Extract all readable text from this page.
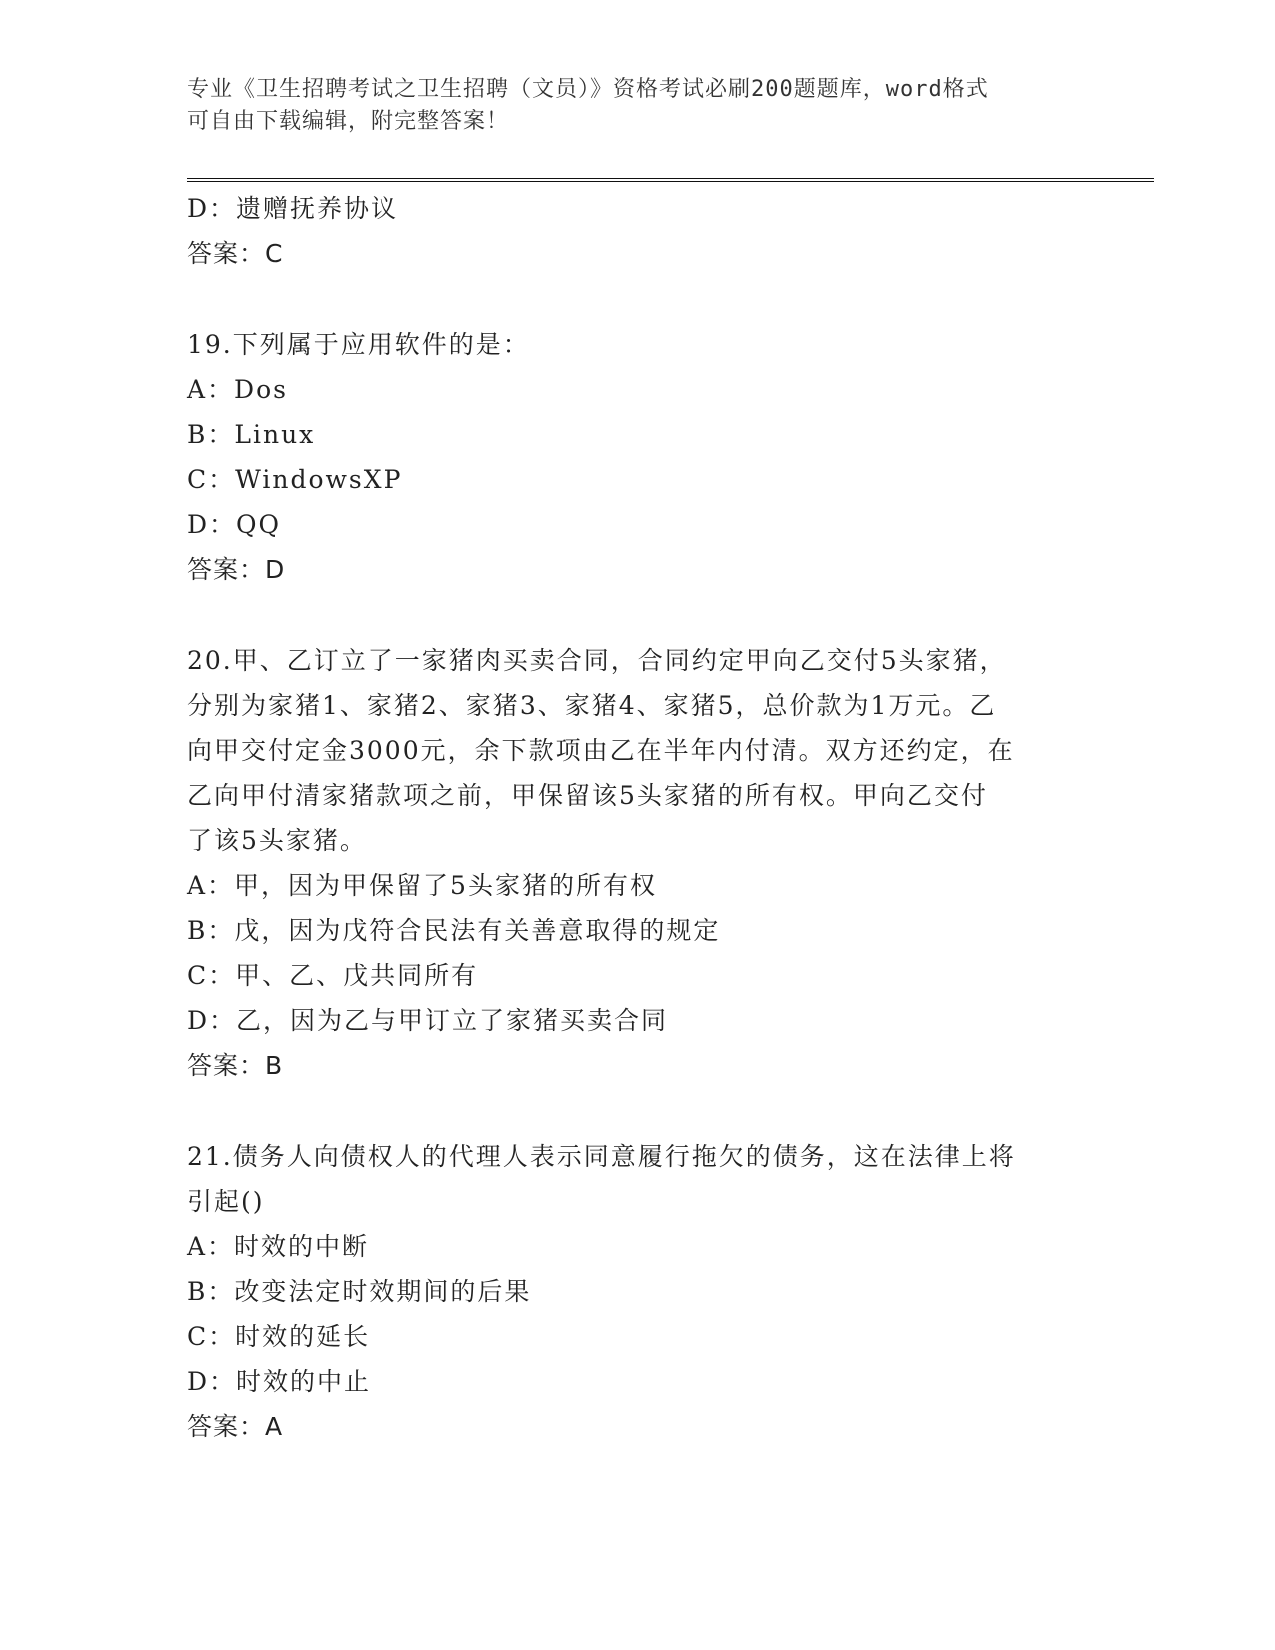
专业《卫生招聘考试之卫生招聘（文员）》资格考试必刷200题题库，word格式
可自由下载编辑，附完整答案！
D：遗赠抚养协议
答案：C
19.下列属于应用软件的是：
A：Dos
B：Linux
C：WindowsXP
D：QQ
答案：D
20.甲、乙订立了一家猪肉买卖合同，合同约定甲向乙交付5头家猪，
分别为家猪1、家猪2、家猪3、家猪4、家猪5，总价款为1万元。乙
向甲交付定金3000元，余下款项由乙在半年内付清。双方还约定，在
乙向甲付清家猪款项之前，甲保留该5头家猪的所有权。甲向乙交付
了该5头家猪。
A：甲，因为甲保留了5头家猪的所有权
B：戊，因为戊符合民法有关善意取得的规定
C：甲、乙、戊共同所有
D：乙，因为乙与甲订立了家猪买卖合同
答案：B
21.债务人向债权人的代理人表示同意履行拖欠的债务，这在法律上将
引起()
A：时效的中断
B：改变法定时效期间的后果
C：时效的延长
D：时效的中止
答案：A
